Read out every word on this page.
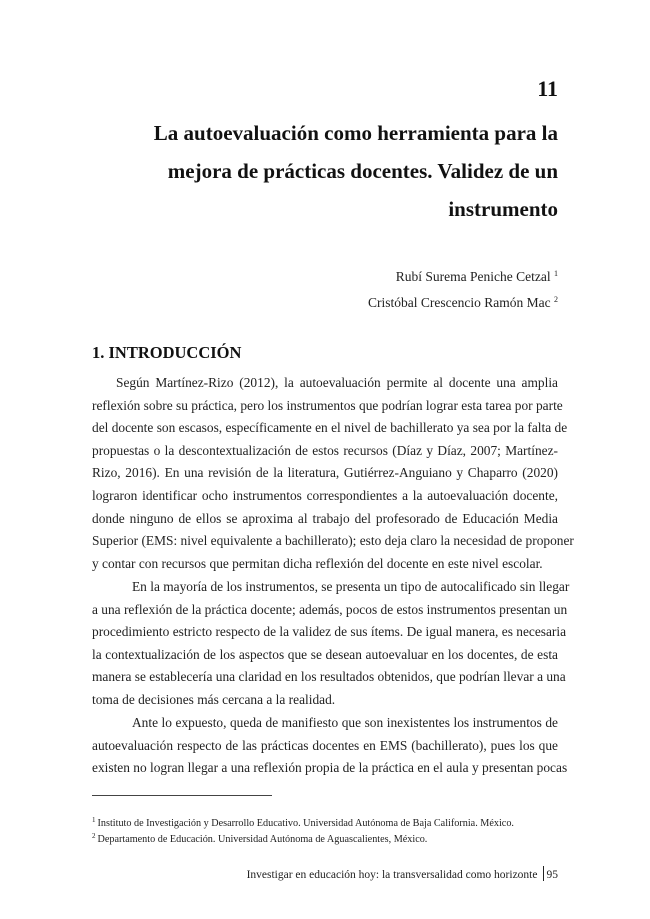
11
La autoevaluación como herramienta para la
mejora de prácticas docentes. Validez de un
instrumento
Rubí Surema Peniche Cetzal $^1$
Cristóbal Crescencio Ramón Mac $^2$
1. INTRODUCCIÓN
Según Martínez-Rizo (2012), la autoevaluación permite al docente una amplia
reflexión sobre su práctica, pero los instrumentos que podrían lograr esta tarea por parte
del docente son escasos, específicamente en el nivel de bachillerato ya sea por la falta de
propuestas o la descontextualización de estos recursos (Díaz y Díaz, 2007; Martínez-
Rizo, 2016). En una revisión de la literatura, Gutiérrez-Anguiano y Chaparro (2020)
lograron identificar ocho instrumentos correspondientes a la autoevaluación docente,
donde ninguno de ellos se aproxima al trabajo del profesorado de Educación Media
Superior (EMS: nivel equivalente a bachillerato); esto deja claro la necesidad de proponer
y contar con recursos que permitan dicha reflexión del docente en este nivel escolar.
En la mayoría de los instrumentos, se presenta un tipo de autocalificado sin llegar
a una reflexión de la práctica docente; además, pocos de estos instrumentos presentan un
procedimiento estricto respecto de la validez de sus ítems. De igual manera, es necesaria
la contextualización de los aspectos que se desean autoevaluar en los docentes, de esta
manera se establecería una claridad en los resultados obtenidos, que podrían llevar a una
toma de decisiones más cercana a la realidad.
Ante lo expuesto, queda de manifiesto que son inexistentes los instrumentos de
autoevaluación respecto de las prácticas docentes en EMS (bachillerato), pues los que
existen no logran llegar a una reflexión propia de la práctica en el aula y presentan pocas
$^1$ Instituto de Investigación y Desarrollo Educativo. Universidad Autónoma de Baja California. México.
$^2$ Departamento de Educación. Universidad Autónoma de Aguascalientes, México.
Investigar en educación hoy: la transversalidad como horizonte 95
